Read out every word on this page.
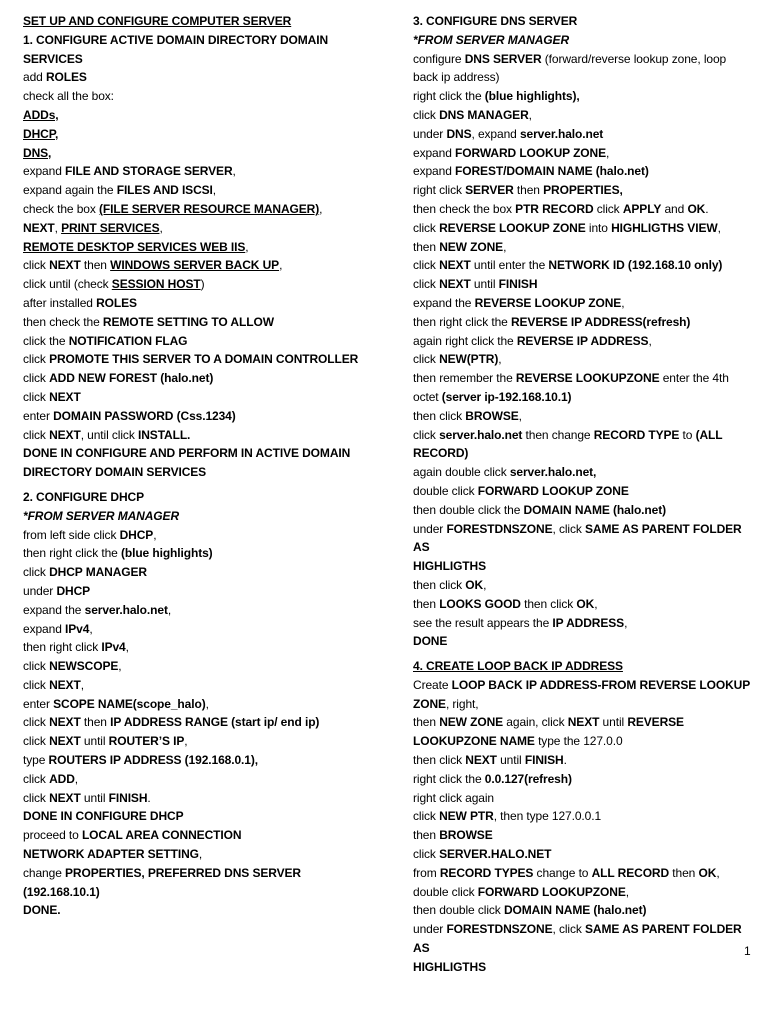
SET UP AND CONFIGURE COMPUTER SERVER
1. CONFIGURE ACTIVE DOMAIN DIRECTORY DOMAIN
SERVICES
add ROLES
check all the box:
ADDs,
DHCP,
DNS,
expand FILE AND STORAGE SERVER,
expand again the FILES AND ISCSI,
check the box (FILE SERVER RESOURCE MANAGER),
NEXT, PRINT SERVICES,
REMOTE DESKTOP SERVICES WEB IIS,
click NEXT then WINDOWS SERVER BACK UP,
click until (check SESSION HOST)
after installed ROLES
then check the REMOTE SETTING TO ALLOW
click the NOTIFICATION FLAG
click PROMOTE THIS SERVER TO A DOMAIN CONTROLLER
click ADD NEW FOREST (halo.net)
click NEXT
enter DOMAIN PASSWORD (Css.1234)
click NEXT, until click INSTALL.
DONE IN CONFIGURE AND PERFORM IN ACTIVE DOMAIN
DIRECTORY DOMAIN SERVICES
2. CONFIGURE DHCP
*FROM SERVER MANAGER
from left side click DHCP,
then right click the (blue highlights)
click DHCP MANAGER
under DHCP
expand the server.halo.net,
expand IPv4,
then right click IPv4,
click NEWSCOPE,
click NEXT,
enter SCOPE NAME(scope_halo),
click NEXT then IP ADDRESS RANGE (start ip/ end ip)
click NEXT until ROUTER’S IP,
type ROUTERS IP ADDRESS (192.168.0.1),
click ADD,
click NEXT until FINISH.
DONE IN CONFIGURE DHCP
proceed to LOCAL AREA CONNECTION
NETWORK ADAPTER SETTING,
change PROPERTIES, PREFERRED DNS SERVER
(192.168.10.1)
DONE.
3. CONFIGURE DNS SERVER
*FROM SERVER MANAGER
configure DNS SERVER (forward/reverse lookup zone, loop
back ip address)
right click the (blue highlights),
click DNS MANAGER,
under DNS, expand server.halo.net
expand FORWARD LOOKUP ZONE,
expand FOREST/DOMAIN NAME (halo.net)
right click SERVER then PROPERTIES,
then check the box PTR RECORD click APPLY and OK.
click REVERSE LOOKUP ZONE into HIGHLIGTHS VIEW,
then NEW ZONE,
click NEXT until enter the NETWORK ID (192.168.10 only)
click NEXT until FINISH
expand the REVERSE LOOKUP ZONE,
then right click the REVERSE IP ADDRESS(refresh)
again right click the REVERSE IP ADDRESS,
click NEW(PTR),
then remember the REVERSE LOOKUPZONE enter the 4th
octet (server ip-192.168.10.1)
then click BROWSE,
click server.halo.net then change RECORD TYPE to (ALL
RECORD)
again double click server.halo.net,
double click FORWARD LOOKUP ZONE
then double click the DOMAIN NAME (halo.net)
under FORESTDNSZONE, click SAME AS PARENT FOLDER AS
HIGHLIGTHS
then click OK,
then LOOKS GOOD then click OK,
see the result appears the IP ADDRESS,
DONE
4. CREATE LOOP BACK IP ADDRESS
Create LOOP BACK IP ADDRESS-FROM REVERSE LOOKUP
ZONE, right,
then NEW ZONE again, click NEXT until REVERSE
LOOKUPZONE NAME type the 127.0.0
then click NEXT until FINISH.
right click the 0.0.127(refresh)
right click again
click NEW PTR, then type 127.0.0.1
then BROWSE
click SERVER.HALO.NET
from RECORD TYPES change to ALL RECORD then OK,
double click FORWARD LOOKUPZONE,
then double click DOMAIN NAME (halo.net)
under FORESTDNSZONE, click SAME AS PARENT FOLDER AS
HIGHLIGTHS
1
